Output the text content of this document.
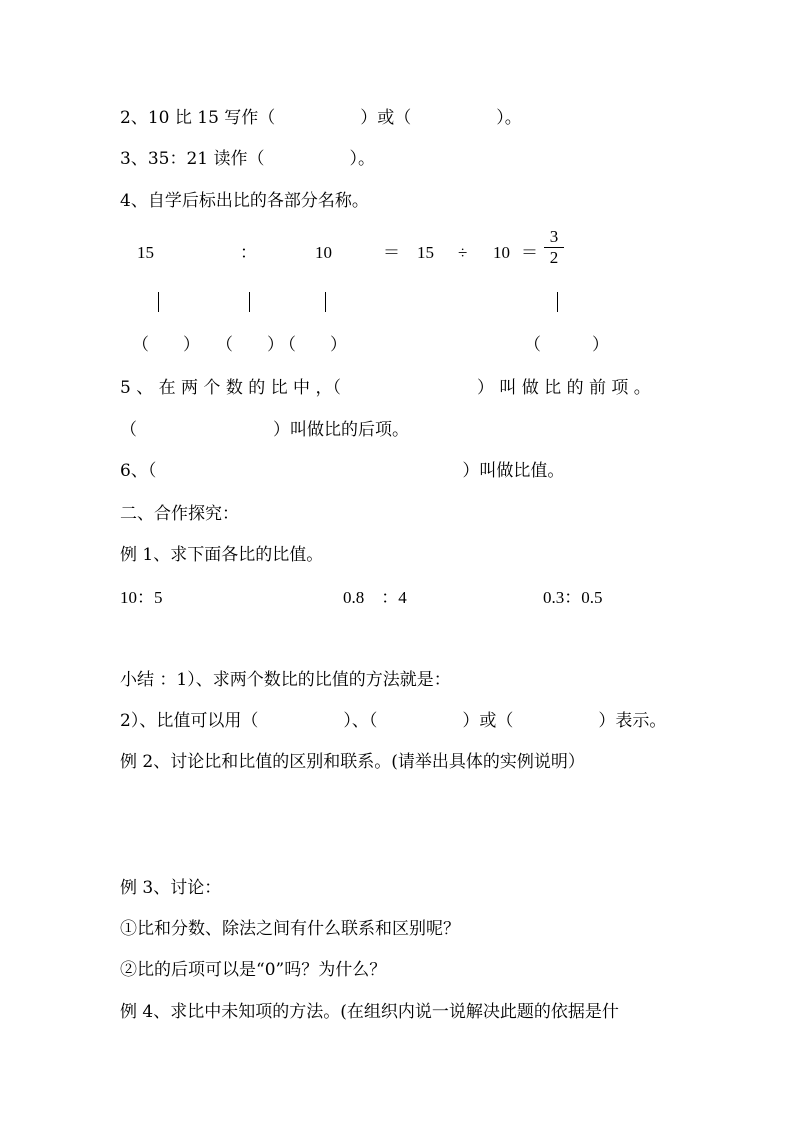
2、10 比 15 写作（　　　　　）或（　　　　　）。
3、35：21 读作（　　　　　）。
4、自学后标出比的各部分名称。
15	：	10	＝ 15 ÷ 10 ＝
3
2
（　　） （　　）
（　　）	（　　　）
5 、 在 两 个 数 的 比 中 ，（　　　　　　　　） 叫 做 比 的 前 项 。
（　　　　　　　　）叫做比的后项。
6、（　　　　　　　　　　　　　　　　　　）叫做比值。
二、合作探究：
例 1、求下面各比的比值。
10：5	0.8　：4	0.3：0.5
小结 ：1）、求两个数比的比值的方法就是：
2）、比值可以用（　　　　　）、（　　　　　）或（　　　　　）表示。
例 2、讨论比和比值的区别和联系。(请举出具体的实例说明）
例 3、讨论：
①比和分数、除法之间有什么联系和区别呢？
②比的后项可以是“0”吗？为什么？
例 4、求比中未知项的方法。(在组织内说一说解决此题的依据是什
